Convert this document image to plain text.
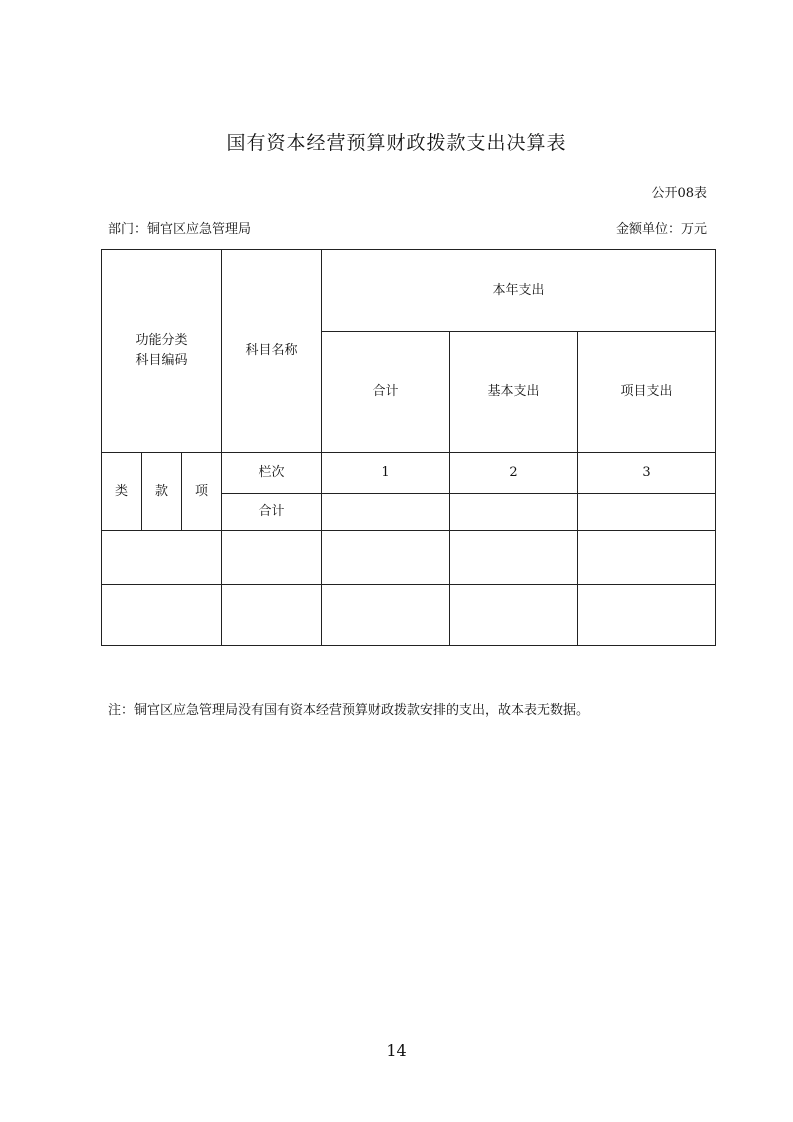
国有资本经营预算财政拨款支出决算表
公开08表
部门：铜官区应急管理局	金额单位：万元
功能分类
科目编码			科目名称	本年支出		
				合计	基本支出	项目支出
类	款	项	栏次	1	2	3
			合计			

注：铜官区应急管理局没有国有资本经营预算财政拨款安排的支出，故本表无数据。
14
